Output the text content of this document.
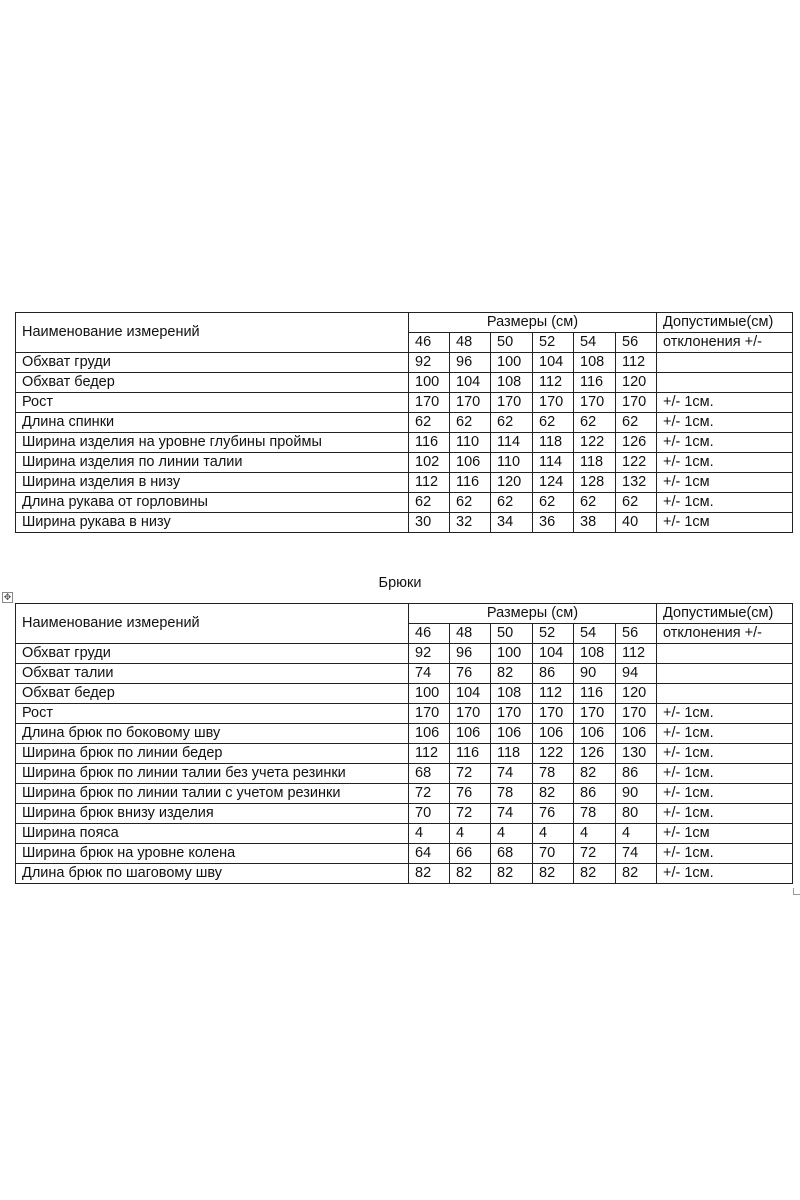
Наименование измерений	Размеры (см)						Допустимые(см)
	46	48	50	52	54	56	отклонения +/-
Обхват груди	92	96	100	104	108	112	
Обхват бедер	100	104	108	112	116	120	
Рост	170	170	170	170	170	170	+/- 1см.
Длина спинки	62	62	62	62	62	62	+/- 1см.
Ширина изделия на уровне глубины проймы	116	110	114	118	122	126	+/- 1см.
Ширина изделия по линии талии	102	106	110	114	118	122	+/- 1см.
Ширина изделия в низу	112	116	120	124	128	132	+/- 1см
Длина рукава от горловины	62	62	62	62	62	62	+/- 1см.
Ширина рукава в низу	30	32	34	36	38	40	+/- 1см
Брюки
✥
Наименование измерений	Размеры (см)						Допустимые(см)
	46	48	50	52	54	56	отклонения +/-
Обхват груди	92	96	100	104	108	112	
Обхват талии	74	76	82	86	90	94	
Обхват бедер	100	104	108	112	116	120	
Рост	170	170	170	170	170	170	+/- 1см.
Длина брюк по боковому шву	106	106	106	106	106	106	+/- 1см.
Ширина брюк по линии бедер	112	116	118	122	126	130	+/- 1см.
Ширина брюк по линии талии без учета резинки	68	72	74	78	82	86	+/- 1см.
Ширина брюк по линии талии с учетом резинки	72	76	78	82	86	90	+/- 1см.
Ширина брюк внизу изделия	70	72	74	76	78	80	+/- 1см.
Ширина пояса	4	4	4	4	4	4	+/- 1см
Ширина брюк на уровне колена	64	66	68	70	72	74	+/- 1см.
Длина брюк по шаговому шву	82	82	82	82	82	82	+/- 1см.
